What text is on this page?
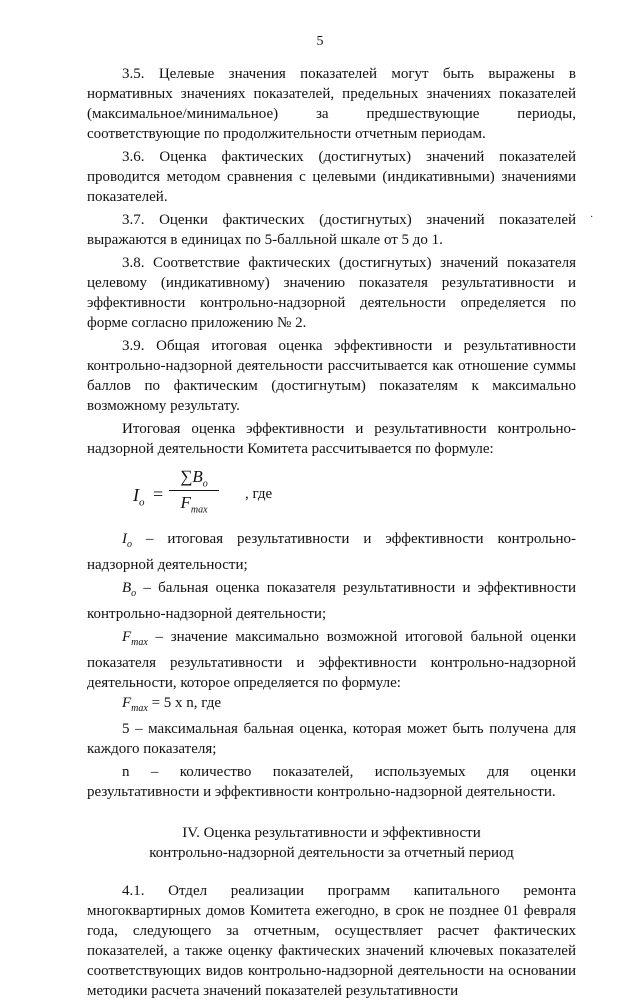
5
·

3.5. Целевые значения показателей могут быть выражены в нормативных значениях показателей, предельных значениях показателей (максимальное/минимальное) за предшествующие периоды, соответствующие по продолжительности отчетным периодам.

3.6. Оценка фактических (достигнутых) значений показателей проводится методом сравнения с целевыми (индикативными) значениями показателей.

3.7. Оценки фактических (достигнутых) значений показателей выражаются в единицах по 5-балльной шкале от 5 до 1.

3.8. Соответствие фактических (достигнутых) значений показателя целевому (индикативному) значению показателя результативности и эффективности контрольно-надзорной деятельности определяется по форме согласно приложению № 2.

3.9. Общая итоговая оценка эффективности и результативности контрольно-надзорной деятельности рассчитывается как отношение суммы баллов по фактическим (достигнутым) показателям к максимально возможному результату.

Итоговая оценка эффективности и результативности контрольно-надзорной деятельности Комитета рассчитывается по формуле:

$I_o$ =
$\sum B_o$
$F_{max}$
, где

$I_o$ – итоговая результативности и эффективности контрольно-надзорной деятельности;

$B_o$ – бальная оценка показателя результативности и эффективности контрольно-надзорной деятельности;

$F_{max}$ – значение максимально возможной итоговой бальной оценки показателя результативности и эффективности контрольно-надзорной деятельности, которое определяется по формуле:

$F_{max} = 5$ x n, где

5 – максимальная бальная оценка, которая может быть получена для каждого показателя;

n – количество показателей, используемых для оценки результативности и эффективности контрольно-надзорной деятельности.

IV. Оценка результативности и эффективности
контрольно-надзорной деятельности за отчетный период

4.1. Отдел реализации программ капитального ремонта многоквартирных домов Комитета ежегодно, в срок не позднее 01 февраля года, следующего за отчетным, осуществляет расчет фактических показателей, а также оценку фактических значений ключевых показателей соответствующих видов контрольно-надзорной деятельности на основании методики расчета значений показателей результативности
